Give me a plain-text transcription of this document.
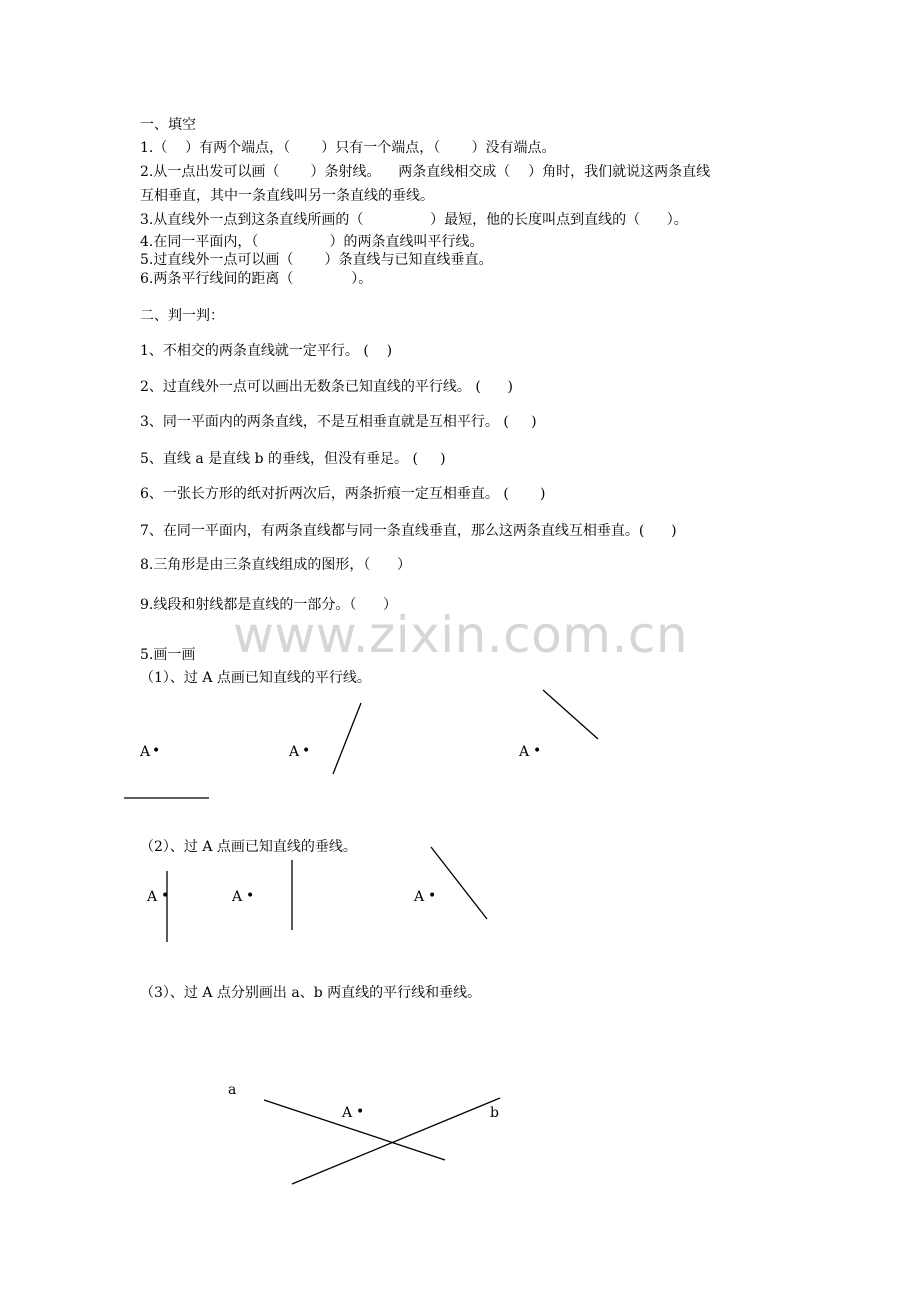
一、填空
1.（    ）有两个端点，（       ）只有一个端点，（       ）没有端点。
2.从一点出发可以画（       ）条射线。    两条直线相交成（    ）角时，我们就说这两条直线
互相垂直，其中一条直线叫另一条直线的垂线。
3.从直线外一点到这条直线所画的（               ）最短，他的长度叫点到直线的（      ）。
4.在同一平面内，（                ）的两条直线叫平行线。
5.过直线外一点可以画（       ）条直线与已知直线垂直。
6.两条平行线间的距离（             ）。
二、判一判：
1、不相交的两条直线就一定平行。 (    )
2、过直线外一点可以画出无数条已知直线的平行线。 (      )
3、同一平面内的两条直线，不是互相垂直就是互相平行。 (     )
5、直线 a 是直线 b 的垂线，但没有垂足。 (     )
6、一张长方形的纸对折两次后，两条折痕一定互相垂直。 (       )
7、在同一平面内，有两条直线都与同一条直线垂直，那么这两条直线互相垂直。(      )
8.三角形是由三条直线组成的图形，（      ）
9.线段和射线都是直线的一部分。（      ）
www.zixin.com.cn
5.画一画
（1）、过 A 点画已知直线的平行线。
（2）、过 A 点画已知直线的垂线。
（3）、过 A 点分别画出 a、b 两直线的平行线和垂线。
A •	A •	A •
A •	A •	A •
a
b
A •
